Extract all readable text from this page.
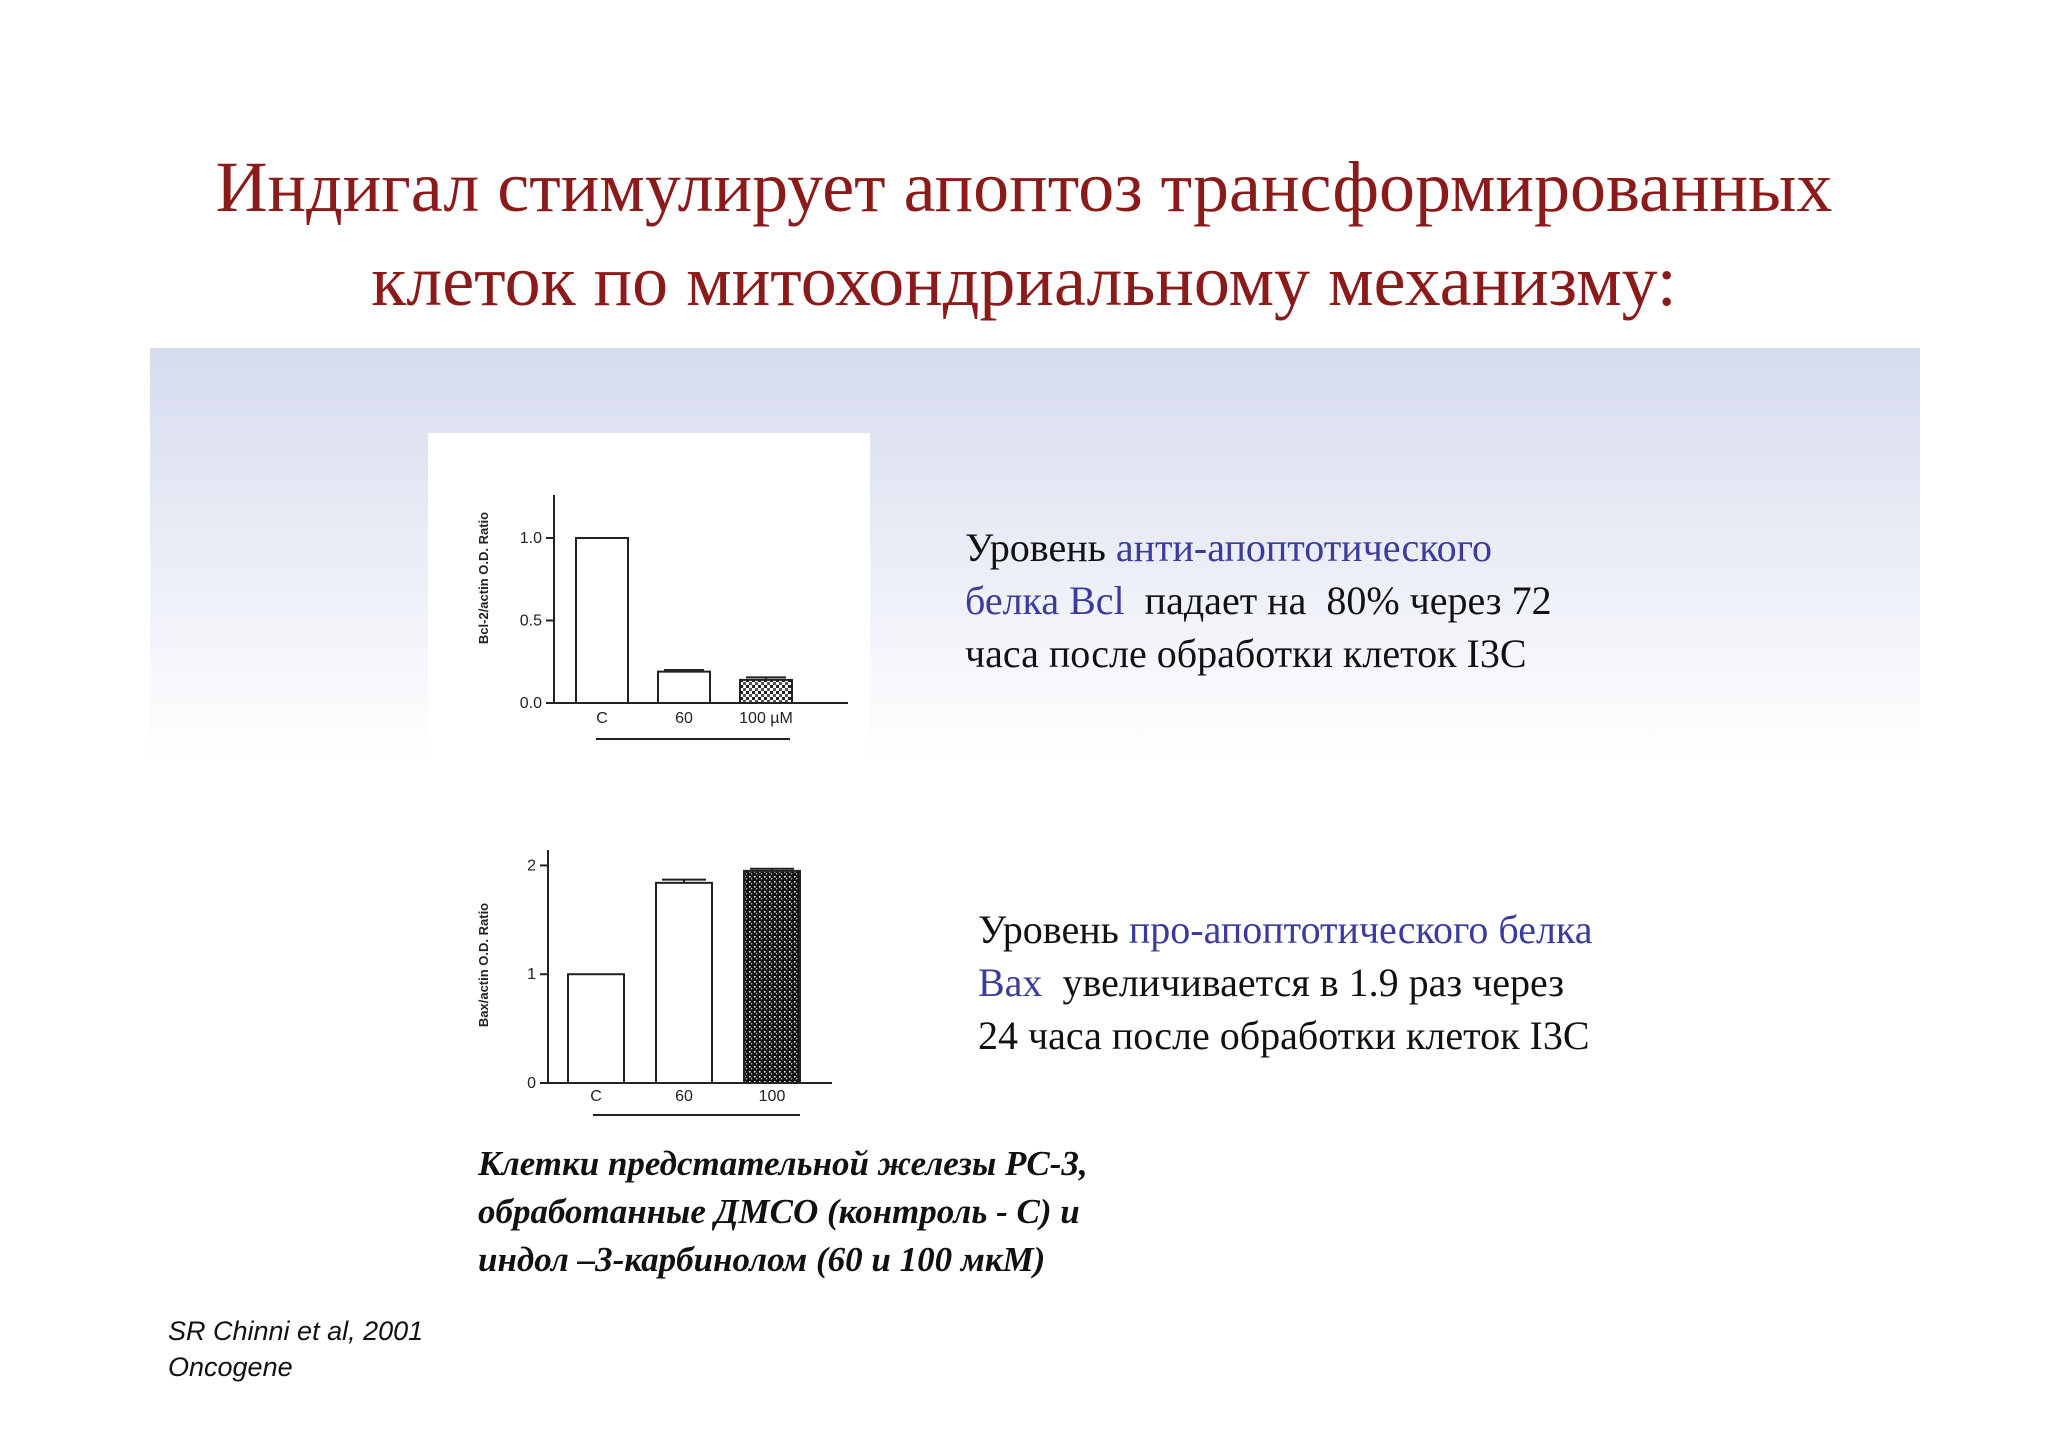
Индигал стимулирует апоптоз трансформированных
клеток по митохондриальному механизму:
Bcl-2/actin O.D. Ratio
0.0
0.5
1.0
C	60	100 µM
Bax/actin O.D. Ratio
0
1
2
C	60	100
Уровень анти-апоптотического
белка Bcl  падает на  80% через 72
часа после обработки клеток I3C
Уровень про-апоптотического белка
Bax  увеличивается в 1.9 раз через
24 часа после обработки клеток I3C
Клетки предстательной железы РС-3,
обработанные ДМСО (контроль - С) и
индол –3-карбинолом (60 и 100 мкМ)
SR Chinni et al, 2001
Oncogene
